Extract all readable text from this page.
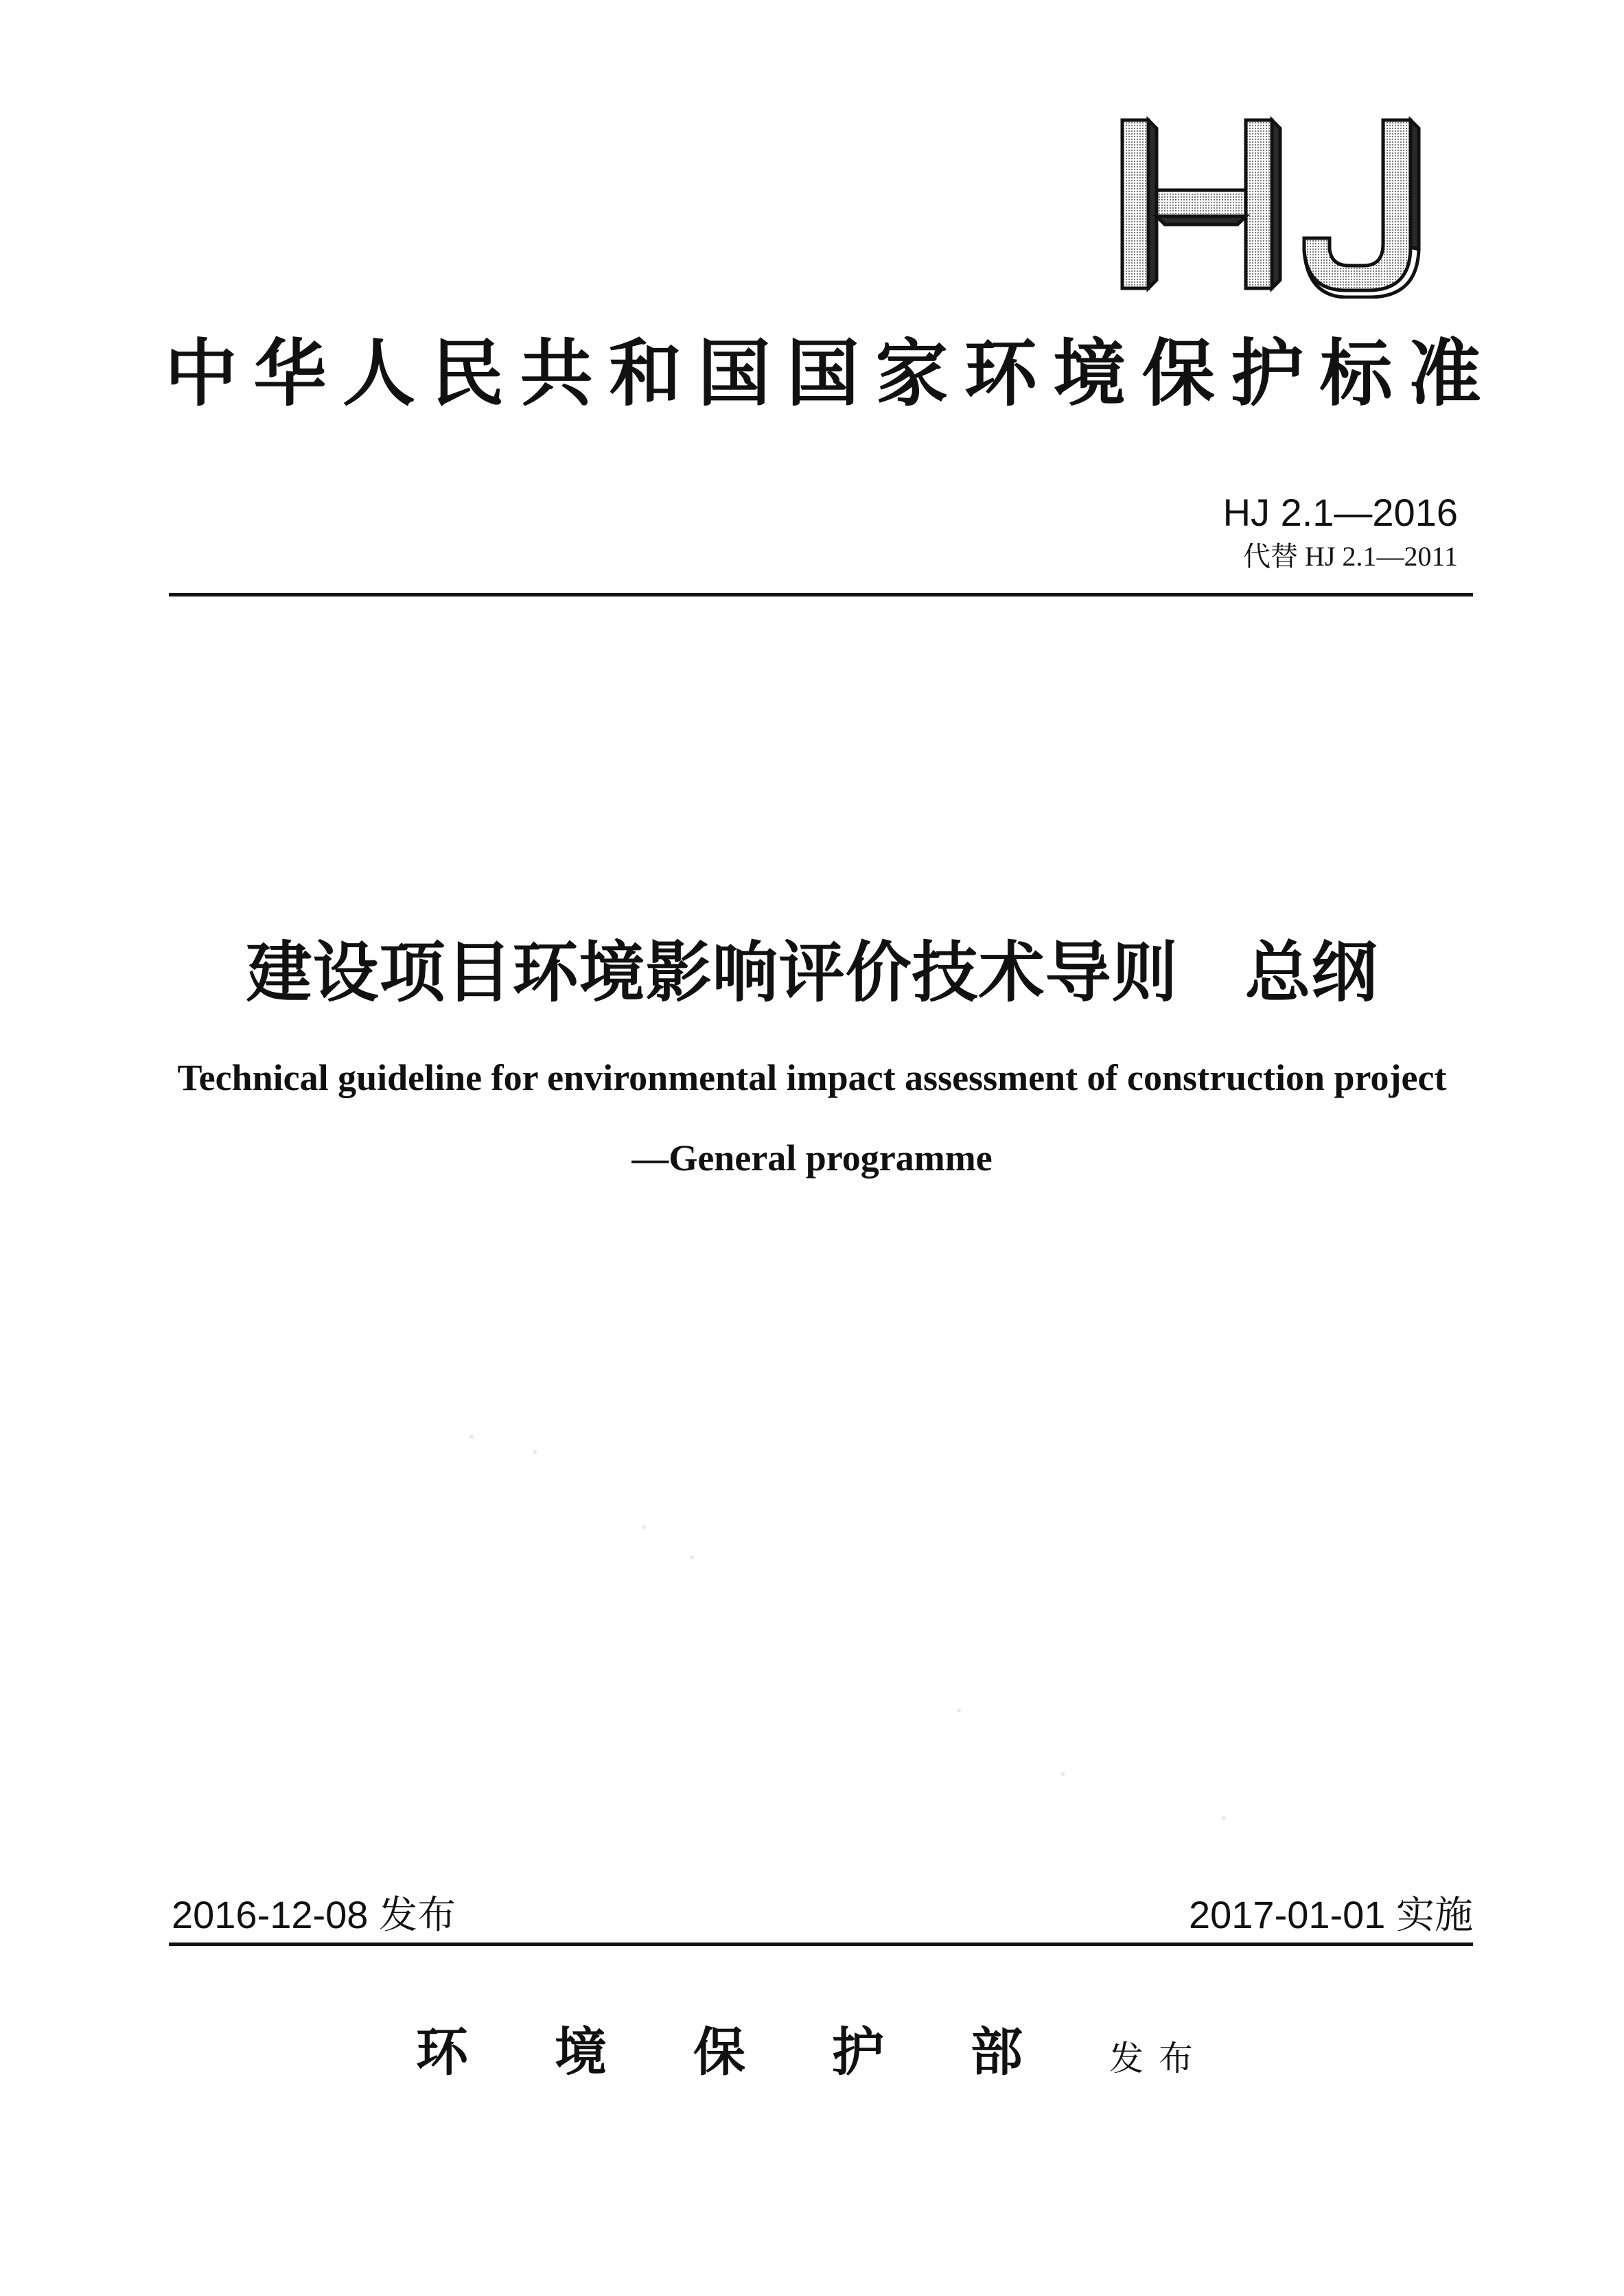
中华人民共和国国家环境保护标准
HJ 2.1—2016
代替 HJ 2.1—2011
建设项目环境影响评价技术导则　总纲
Technical guideline for environmental impact assessment of construction project
—General programme
2016-12-08 发布	2017-01-01 实施
环境保护部发布
